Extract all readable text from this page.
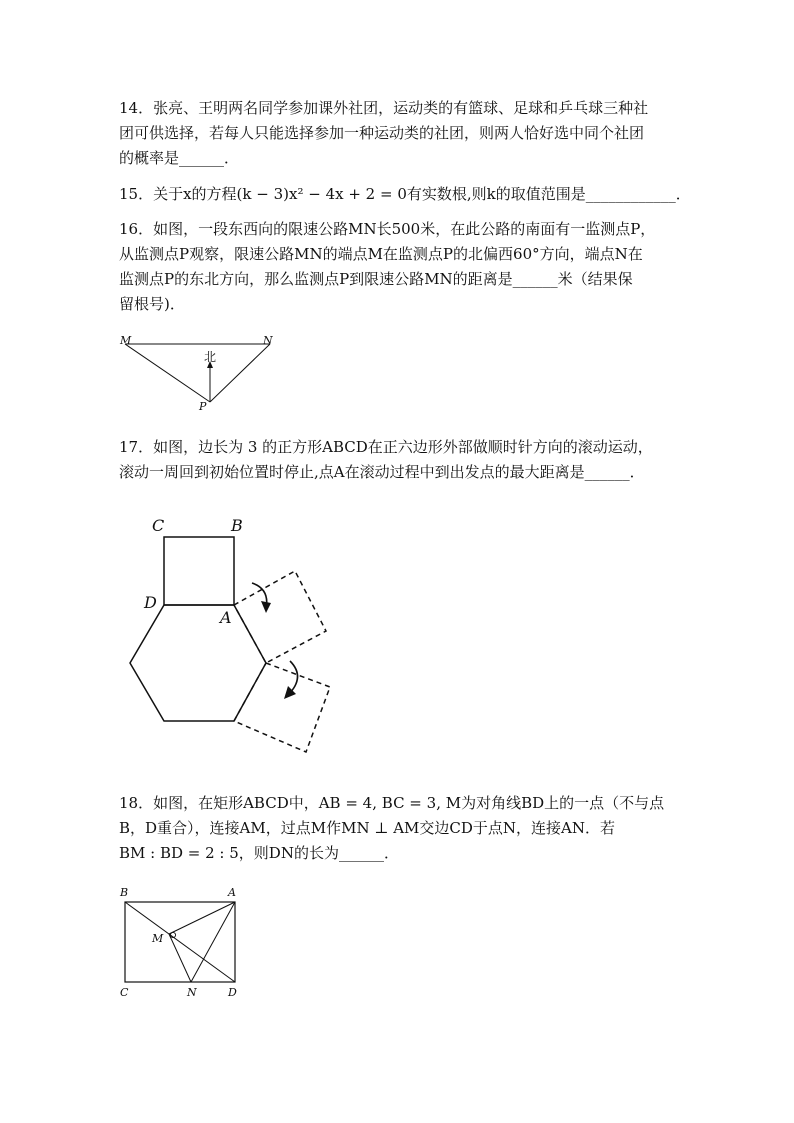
14．张亮、王明两名同学参加课外社团，运动类的有篮球、足球和乒乓球三种社
团可供选择，若每人只能选择参加一种运动类的社团，则两人恰好选中同个社团
的概率是______．
15．关于x的方程(k − 3)x² − 4x + 2 = 0有实数根,则k的取值范围是____________．
16．如图，一段东西向的限速公路MN长500米，在此公路的南面有一监测点P，
从监测点P观察，限速公路MN的端点M在监测点P的北偏西60°方向，端点N在
监测点P的东北方向，那么监测点P到限速公路MN的距离是______米（结果保
留根号)．
M	N
P
北
17．如图，边长为 3 的正方形ABCD在正六边形外部做顺时针方向的滚动运动，
滚动一周回到初始位置时停止,点A在滚动过程中到出发点的最大距离是______．
C	B
D
A
18．如图，在矩形ABCD中，AB = 4, BC = 3, M为对角线BD上的一点（不与点
B，D重合），连接AM，过点M作MN ⊥ AM交边CD于点N，连接AN．若
BM : BD = 2 : 5，则DN的长为______．
B	A
C	D
M
N
